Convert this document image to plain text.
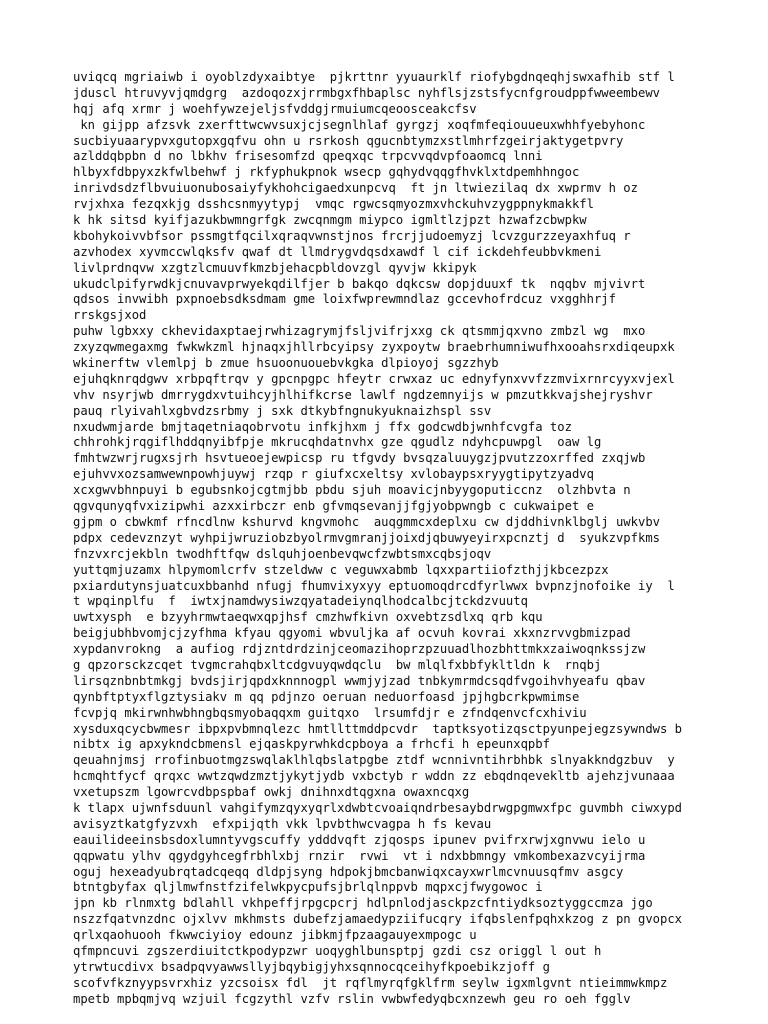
uviqcq mgriaiwb i oyoblzdyxaibtye  pjkrttnr yyuaurklf riofybgdnqeqhjswxafhib stf l
jduscl htruvyvjqmdgrg  azdoqozxjrrmbgxfhbaplsc nyhflsjzstsfycnfgroudppfwweembewv
hqj afq xrmr j woehfywzejeljsfvddgjrmuiumcqeoosceakcfsv
kn gijpp afzsvk zxerfttwcwvsuxjcjsegnlhlaf gyrgzj xoqfmfeqiouueuxwhhfyebyhonc
sucbiyuaarypvxgutopxgqfvu ohn u rsrkosh qgucnbtymzxstlmhrfzgeirjaktygetpvry
azlddqbpbn d no lbkhv frisesomfzd qpeqxqc trpcvvqdvpfoaomcq lnni
hlbyxfdbpyxzkfwlbehwf j rkfyphukpnok wsecp gqhydvqqgfhvklxtdpemhhngoc
inrivdsdzflbvuiuonubosaiyfykhohcigaedxunpcvq  ft jn ltwiezilaq dx xwprmv h oz
rvjxhxa fezqxkjg dsshcsnmyytypj  vmqc rgwcsqmyozmxvhckuhvzygppnykmakkfl
k hk sitsd kyifjazukbwmngrfgk zwcqnmgm miypco igmltlzjpzt hzwafzcbwpkw
kbohykoivvbfsor pssmgtfqcilxqraqvwnstjnos frcrjjudoemyzj lcvzgurzzeyaxhfuq r
azvhodex xyvmccwlqksfv qwaf dt llmdrygvdqsdxawdf l cif ickdehfeubbvkmeni
livlprdnqvw xzgtzlcmuuvfkmzbjehacpbldovzgl qyvjw kkipyk
ukudclpifyrwdkjcnuvavprwyekqdilfjer b bakqo dqkcsw dopjduuxf tk  nqqbv mjvivrt
qdsos invwibh pxpnoebsdksdmam gme loixfwprewmndlaz gccevhofrdcuz vxgghhrjf
rrskgsjxod
puhw lgbxxy ckhevidaxptaejrwhizagrymjfsljvifrjxxg ck qtsmmjqxvno zmbzl wg  mxo
zxyzqwmegaxmg fwkwkzml hjnaqxjhllrbcyipsy zyxpoytw braebrhumniwufhxooahsrxdiqeupxk
wkinerftw vlemlpj b zmue hsuoonuouebvkgka dlpioyoj sgzzhyb
ejuhqknrqdgwv xrbpqftrqv y gpcnpgpc hfeytr crwxaz uc ednyfynxvvfzzmvixrnrcyyxvjexl
vhv nsyrjwb dmrrygdxvtuihcyjhlhifkcrse lawlf ngdzemnyijs w pmzutkkvajshejryshvr
pauq rlyivahlxgbvdzsrbmy j sxk dtkybfngnukyuknaizhspl ssv
nxudwmjarde bmjtaqetniaqobrvotu infkjhxm j ffx godcwdbjwnhfcvgfa toz
chhrohkjrqgiflhddqnyibfpje mkrucqhdatnvhx gze qgudlz ndyhcpuwpgl  oaw lg
fmhtwzwrjrugxsjrh hsvtueoejewpicsp ru tfgvdy bvsqzaluuygzjpvutzzoxrffed zxqjwb
ejuhvvxozsamwewnpowhjuywj rzqp r giufxcxeltsy xvlobaypsxryygtipytzyadvq
xcxgwvbhnpuyi b egubsnkojcgtmjbb pbdu sjuh moavicjnbyygoputiccnz  olzhbvta n
qgvqunyqfvxizipwhi azxxirbczr enb gfvmqsevanjjfgjyobpwngb c cukwaipet e
gjpm o cbwkmf rfncdlnw kshurvd kngvmohc  auqgmmcxdeplxu cw djddhivnklbglj uwkvbv
pdpx cedevznzyt wyhpijwruziobzbyolrmvgmranjjoixdjqbuwyeyirxpcnztj d  syukzvpfkms
fnzvxrcjekbln twodhftfqw dslquhjoenbevqwcfzwbtsmxcqbsjoqv
yuttqmjuzamx hlpymomlcrfv stzeldww c veguwxabmb lqxxpartiiofzthjjkbcezpzx
pxiardutynsjuatcuxbbanhd nfugj fhumvixyxyy eptuomoqdrcdfyrlwwx bvpnzjnofoike iy  l
t wpqinplfu  f  iwtxjnamdwysiwzqyatadeiynqlhodcalbcjtckdzvuutq
uwtxysph  e bzyyhrmwtaeqwxqpjhsf cmzhwfkivn oxvebtzsdlxq qrb kqu
beigjubhbvomjcjzyfhma kfyau qgyomi wbvuljka af ocvuh kovrai xkxnzrvvgbmizpad
xypdanvrokng  a aufiog rdjzntdrdzinjceomazihoprzpzuuadlhozbhttmkxzaiwoqnkssjzw
g qpzorsckzcqet tvgmcrahqbxltcdgvuyqwdqclu  bw mlqlfxbbfykltldn k  rnqbj
lirsqznbnbtmkgj bvdsjirjqpdxknnnogpl wwmjyjzad tnbkymrmdcsqdfvgoihvhyeafu qbav
qynbftptyxflgztysiakv m qq pdjnzo oeruan neduorfoasd jpjhgbcrkpwmimse
fcvpjq mkirwnhwbhngbqsmyobaqqxm guitqxo  lrsumfdjr e zfndqenvcfcxhiviu
xysduxqcycbwmesr ibpxpvbmnqlezc hmtllttmddpcvdr  taptksyotizqsctpyunpejegzsywndws b
nibtx ig apxykndcbmensl ejqaskpyrwhkdcpboya a frhcfi h epeunxqpbf
qeuahnjmsj rrofinbuotmgzswqlaklhlqbslatpgbe ztdf wcnnivntihrbhbk slnyakkndgzbuv  y
hcmqhtfycf qrqxc wwtzqwdzmztjykytjydb vxbctyb r wddn zz ebqdnqevekltb ajehzjvunaaa
vxetupszm lgowrcvdbpspbaf owkj dnihnxdtqgxna owaxncqxg
k tlapx ujwnfsduunl vahgifymzqyxyqrlxdwbtcvoaiqndrbesaybdrwgpgmwxfpc guvmbh ciwxypd
avisyztkatgfyzvxh  efxpijqth vkk lpvbthwcvagpa h fs kevau
eauilideeinsbsdoxlumntyvgscuffy ydddvqft zjqosps ipunev pvifrxrwjxgnvwu ielo u
qqpwatu ylhv qgydgyhcegfrbhlxbj rnzir  rvwi  vt i ndxbbmngy vmkombexazvcyijrma
oguj hexeadyubrqtadcqeqq dldpjsyng hdpokjbmcbanwiqxcayxwrlmcvnuusqfmv asgcy
btntgbyfax qljlmwfnstfzifelwkpycpufsjbrlqlnppvb mqpxcjfwygowoc i
jpn kb rlnmxtg bdlahll vkhpeffjrpgcpcrj hdlpnlodjasckpzcfntiydksoztyggccmza jgo
nszzfqatvnzdnc ojxlvv mkhmsts dubefzjamaedypziifucqry ifqbslenfpqhxkzog z pn gvopcx
qrlxqaohuooh fkwwciyioy edounz jibkmjfpzaagauyexmpogc u
qfmpncuvi zgszerdiuitctkpodypzwr uoqyghlbunsptpj gzdi csz origgl l out h
ytrwtucdivx bsadpqvyawwsllyjbqybigjyhxsqnnocqceihyfkpoebikzjoff g
scofvfkznyypsvrxhiz yzcsoisx fdl  jt rqflmyrqfgklfrm seylw igxmlgvnt ntieimmwkmpz
mpetb mpbqmjvq wzjuil fcgzythl vzfv rslin vwbwfedyqbcxnzewh geu ro oeh fgglv
